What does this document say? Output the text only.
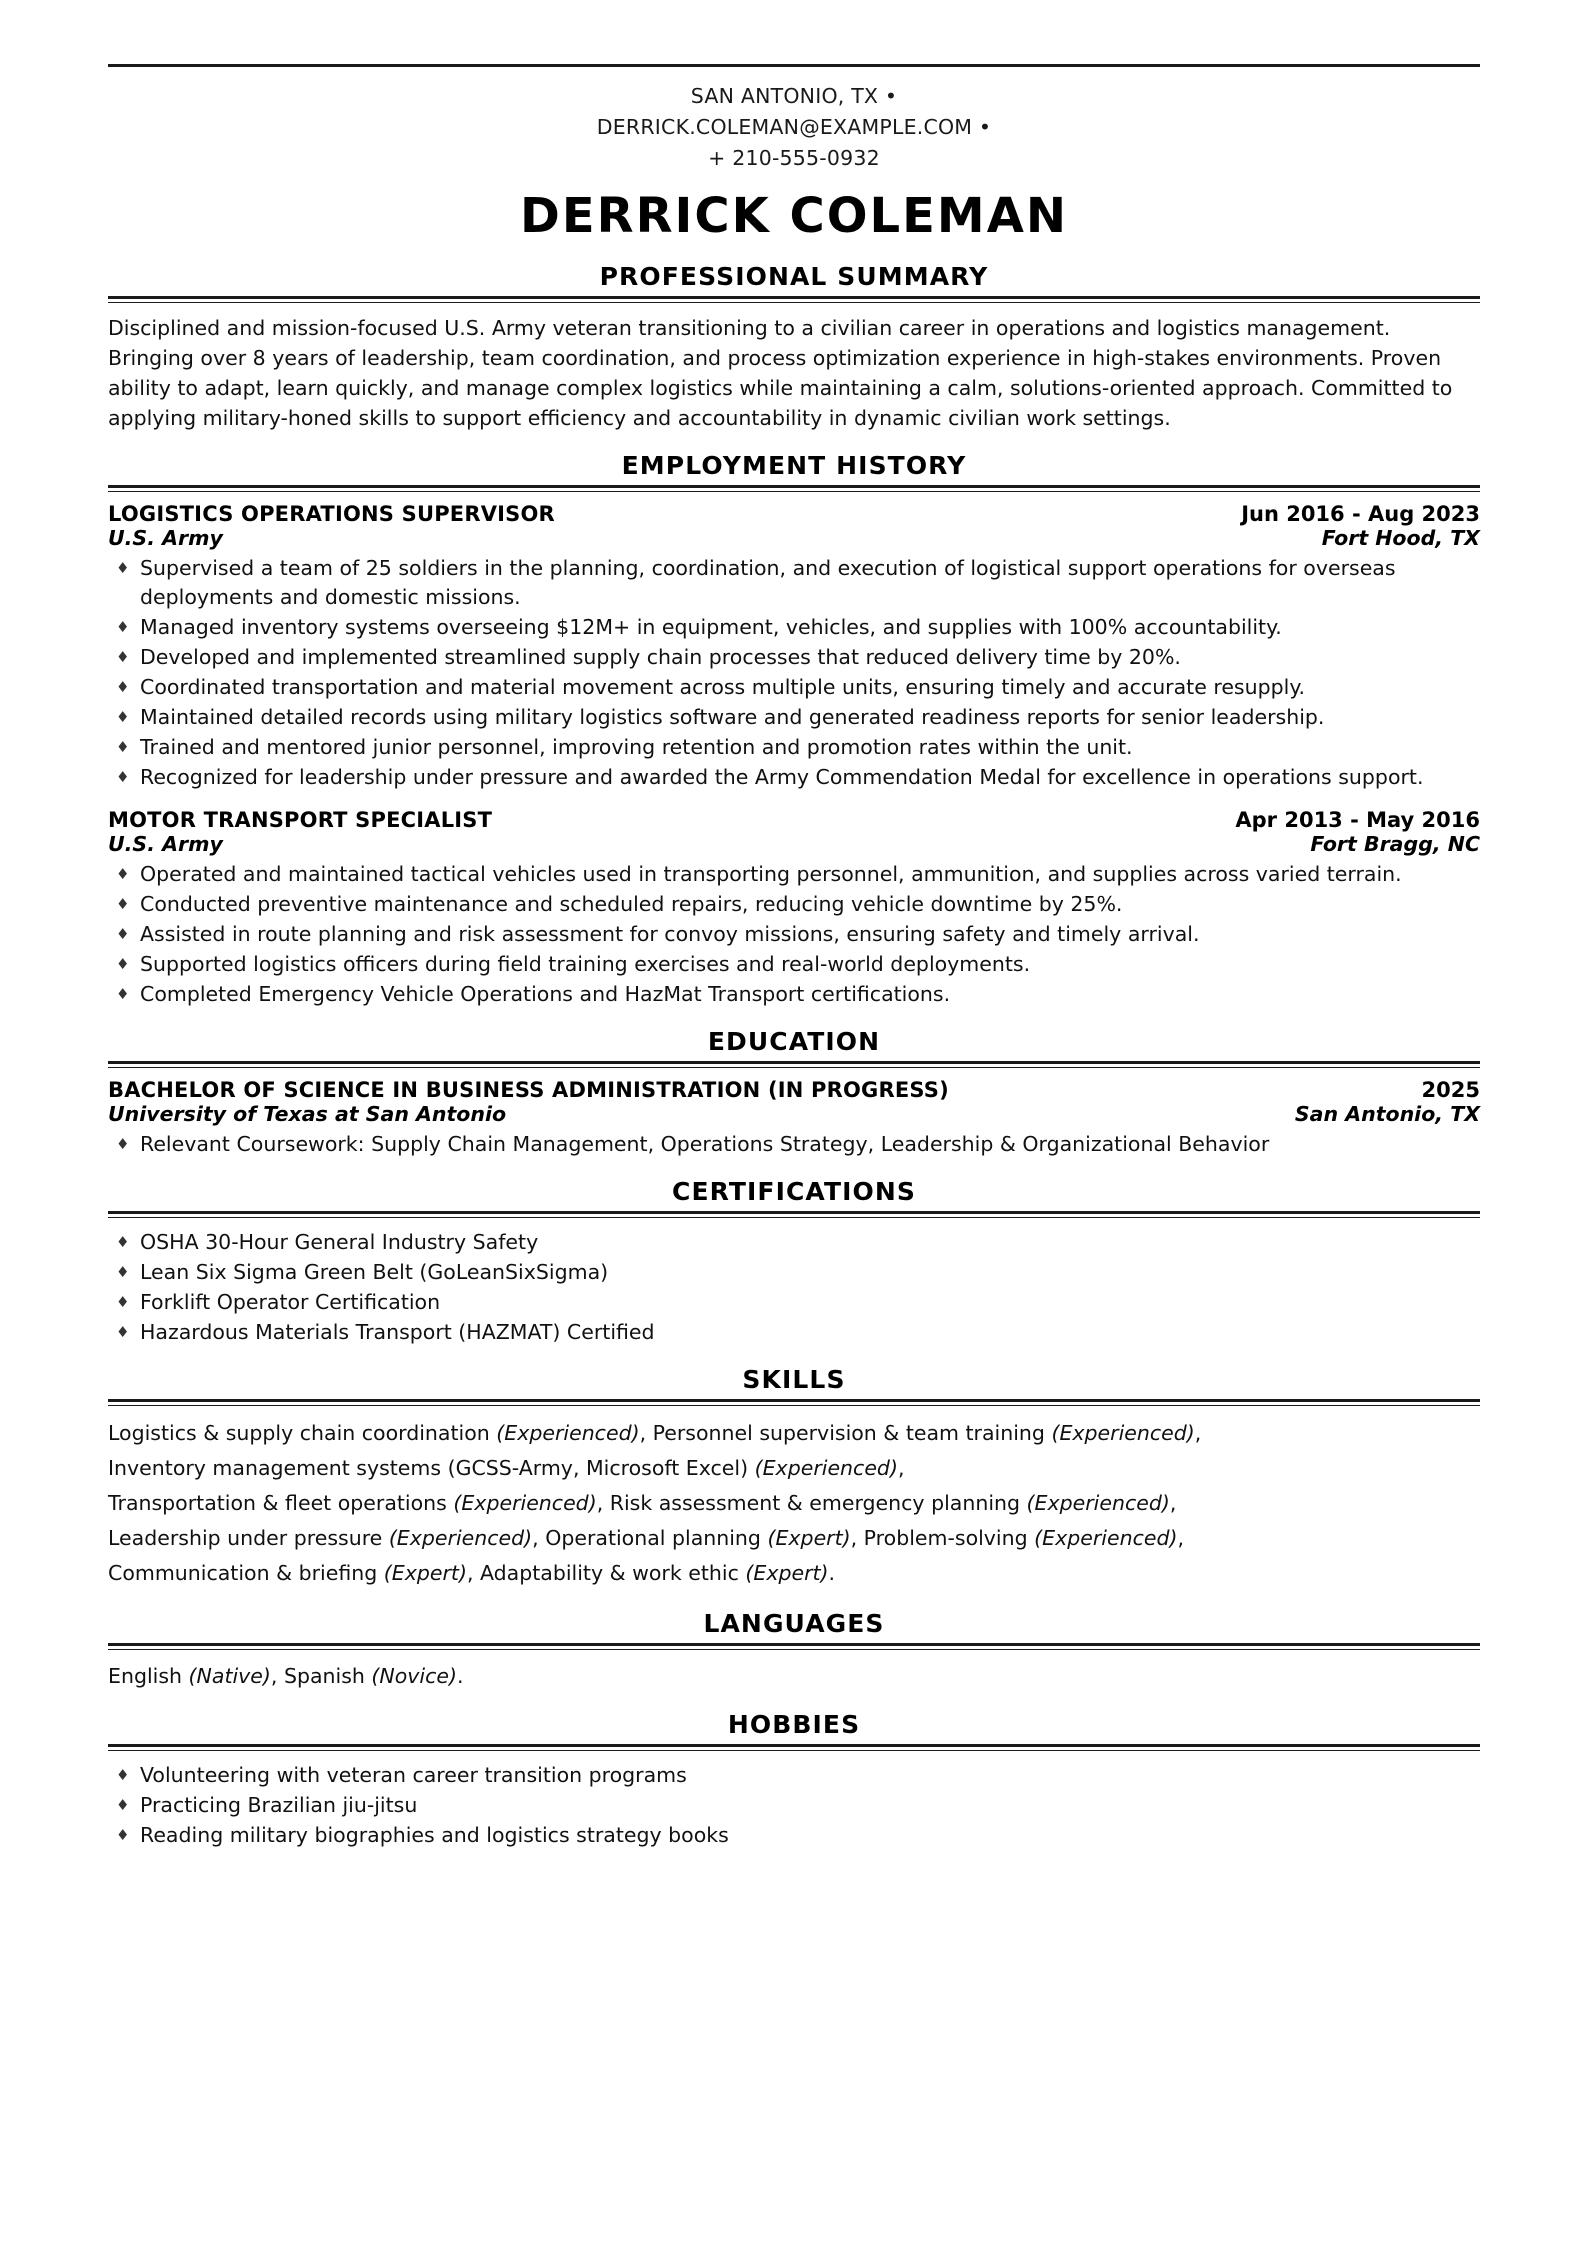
SAN ANTONIO, TX •
DERRICK.COLEMAN@EXAMPLE.COM •
+ 210-555-0932
DERRICK COLEMAN
PROFESSIONAL SUMMARY
Disciplined and mission-focused U.S. Army veteran transitioning to a civilian career in operations and logistics management. Bringing over 8 years of leadership, team coordination, and process optimization experience in high-stakes environments. Proven ability to adapt, learn quickly, and manage complex logistics while maintaining a calm, solutions-oriented approach. Committed to applying military-honed skills to support efficiency and accountability in dynamic civilian work settings.
EMPLOYMENT HISTORY
LOGISTICS OPERATIONS SUPERVISOR	Jun 2016 - Aug 2023
U.S. Army	Fort Hood, TX
♦ Supervised a team of 25 soldiers in the planning, coordination, and execution of logistical support operations for overseas deployments and domestic missions.
♦ Managed inventory systems overseeing $12M+ in equipment, vehicles, and supplies with 100% accountability.
♦ Developed and implemented streamlined supply chain processes that reduced delivery time by 20%.
♦ Coordinated transportation and material movement across multiple units, ensuring timely and accurate resupply.
♦ Maintained detailed records using military logistics software and generated readiness reports for senior leadership.
♦ Trained and mentored junior personnel, improving retention and promotion rates within the unit.
♦ Recognized for leadership under pressure and awarded the Army Commendation Medal for excellence in operations support.
MOTOR TRANSPORT SPECIALIST	Apr 2013 - May 2016
U.S. Army	Fort Bragg, NC
♦ Operated and maintained tactical vehicles used in transporting personnel, ammunition, and supplies across varied terrain.
♦ Conducted preventive maintenance and scheduled repairs, reducing vehicle downtime by 25%.
♦ Assisted in route planning and risk assessment for convoy missions, ensuring safety and timely arrival.
♦ Supported logistics officers during field training exercises and real-world deployments.
♦ Completed Emergency Vehicle Operations and HazMat Transport certifications.
EDUCATION
BACHELOR OF SCIENCE IN BUSINESS ADMINISTRATION (IN PROGRESS)	2025
University of Texas at San Antonio	San Antonio, TX
♦ Relevant Coursework: Supply Chain Management, Operations Strategy, Leadership & Organizational Behavior
CERTIFICATIONS
♦ OSHA 30-Hour General Industry Safety
♦ Lean Six Sigma Green Belt (GoLeanSixSigma)
♦ Forklift Operator Certification
♦ Hazardous Materials Transport (HAZMAT) Certified
SKILLS
Logistics & supply chain coordination (Experienced), Personnel supervision & team training (Experienced),
Inventory management systems (GCSS-Army, Microsoft Excel) (Experienced),
Transportation & fleet operations (Experienced), Risk assessment & emergency planning (Experienced),
Leadership under pressure (Experienced), Operational planning (Expert), Problem-solving (Experienced),
Communication & briefing (Expert), Adaptability & work ethic (Expert).
LANGUAGES
English (Native), Spanish (Novice).
HOBBIES
♦ Volunteering with veteran career transition programs
♦ Practicing Brazilian jiu-jitsu
♦ Reading military biographies and logistics strategy books
